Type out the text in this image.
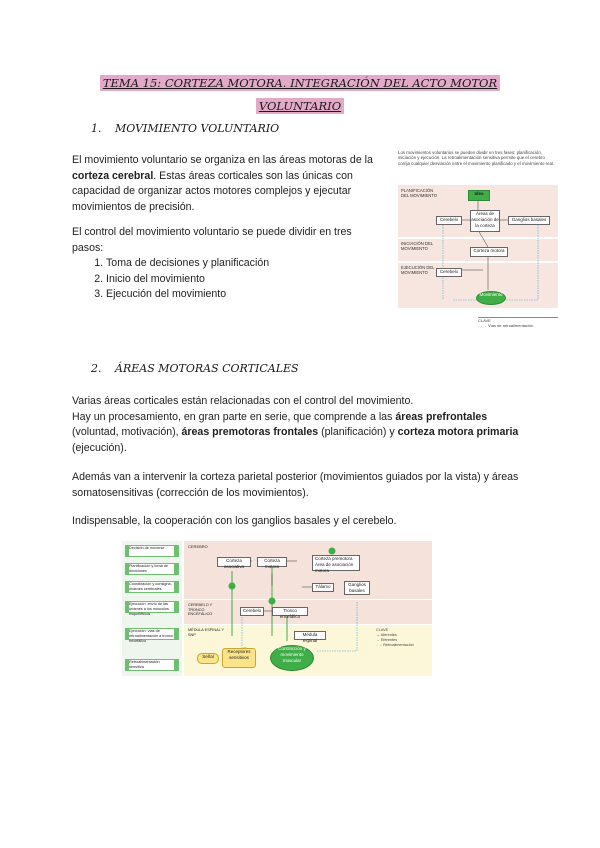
TEMA 15: CORTEZA MOTORA. INTEGRACIÓN DEL ACTO MOTOR
VOLUNTARIO
1. MOVIMIENTO VOLUNTARIO
El movimiento voluntario se organiza en las áreas motoras de la corteza cerebral. Estas áreas corticales son las únicas con capacidad de organizar actos motores complejos y ejecutar movimientos de precisión.
El control del movimiento voluntario se puede dividir en tres pasos:
1. Toma de decisiones y planificación
2. Inicio del movimiento
3. Ejecución del movimiento
Los movimientos voluntarios se pueden dividir en tres fases: planificación, iniciación y ejecución. La retroalimentación sensitiva permite que el cerebro corrija cualquier desviación entre el movimiento planificado y el movimiento real.
PLANIFICACIÓN DEL MOVIMIENTO
INICIACIÓN DEL MOVIMIENTO
EJECUCIÓN DEL MOVIMIENTO
Idea
Cerebelo
Áreas de asociación de la corteza
Ganglios basales
Corteza motora
Cerebelo
Movimiento
CLAVE
- - → Vías de retroalimentación
2. ÁREAS MOTORAS CORTICALES
Varias áreas corticales están relacionadas con el control del movimiento.
Hay un procesamiento, en gran parte en serie, que comprende a las áreas prefrontales (voluntad, motivación), áreas premotoras frontales (planificación) y corteza motora primaria (ejecución).
Además van a intervenir la corteza parietal posterior (movimientos guiados por la vista) y áreas somatosensitivas (corrección de los movimientos).
Indispensable, la cooperación con los ganglios basales y el cerebelo.
Decisión de moverse
Planificación y toma de decisiones
Coordinación y consigna, órdenes cerebrales
Ejecución: envío de las órdenes a los músculos esqueléticos
Ejecución: vías de retroalimentación a tronco encefálico
Retroalimentación sensitiva
CEREBRO
CEREBELO Y TRONCO ENCEFÁLICO
MÉDULA ESPINAL Y SNP
Corteza asociativa
Corteza motora
Corteza premotora · Área de asociación motora
Tálamo	Ganglios basales
Cerebelo	Tronco encefálico
Médula espinal
Señal
Receptores sensitivos
Contracción y movimiento muscular
CLAVE
→ Aferentes
→ Eferentes
- → Retroalimentación
